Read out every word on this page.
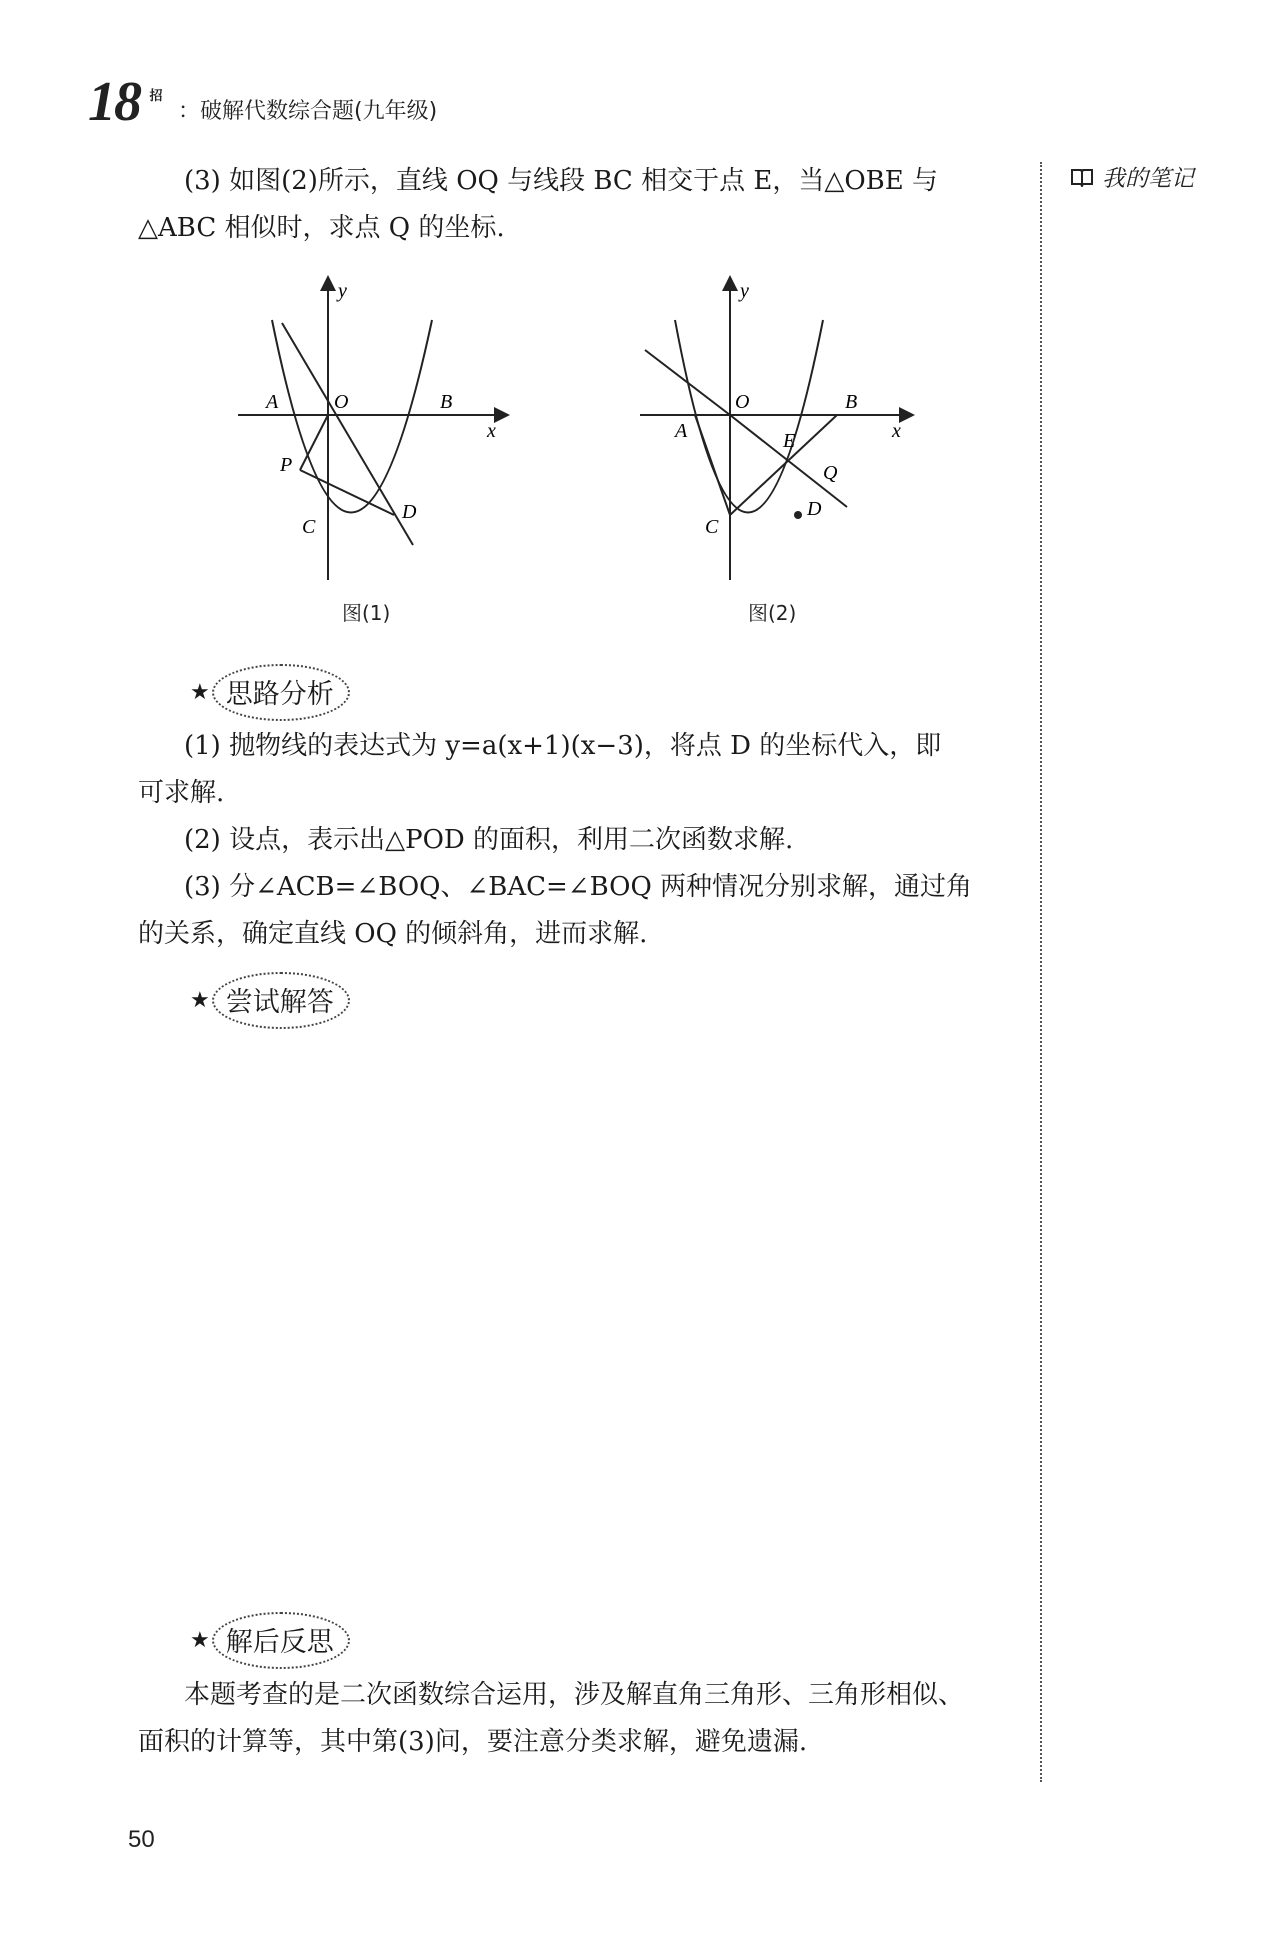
18 招
：破解代数综合题(九年级)
我的笔记
(3) 如图(2)所示，直线 OQ 与线段 BC 相交于点 E，当△OBE 与
△ABC 相似时，求点 Q 的坐标.
y
x
A	O	B
P
C
D
图(1)
y
x
A
O	B
E
Q
C
D
图(2)
★ 思路分析
(1) 抛物线的表达式为 y=a(x+1)(x−3)，将点 D 的坐标代入，即
可求解.
(2) 设点，表示出△POD 的面积，利用二次函数求解.
(3) 分∠ACB=∠BOQ、∠BAC=∠BOQ 两种情况分别求解，通过角
的关系，确定直线 OQ 的倾斜角，进而求解.
★ 尝试解答
★ 解后反思
本题考查的是二次函数综合运用，涉及解直角三角形、三角形相似、
面积的计算等，其中第(3)问，要注意分类求解，避免遗漏.
50
